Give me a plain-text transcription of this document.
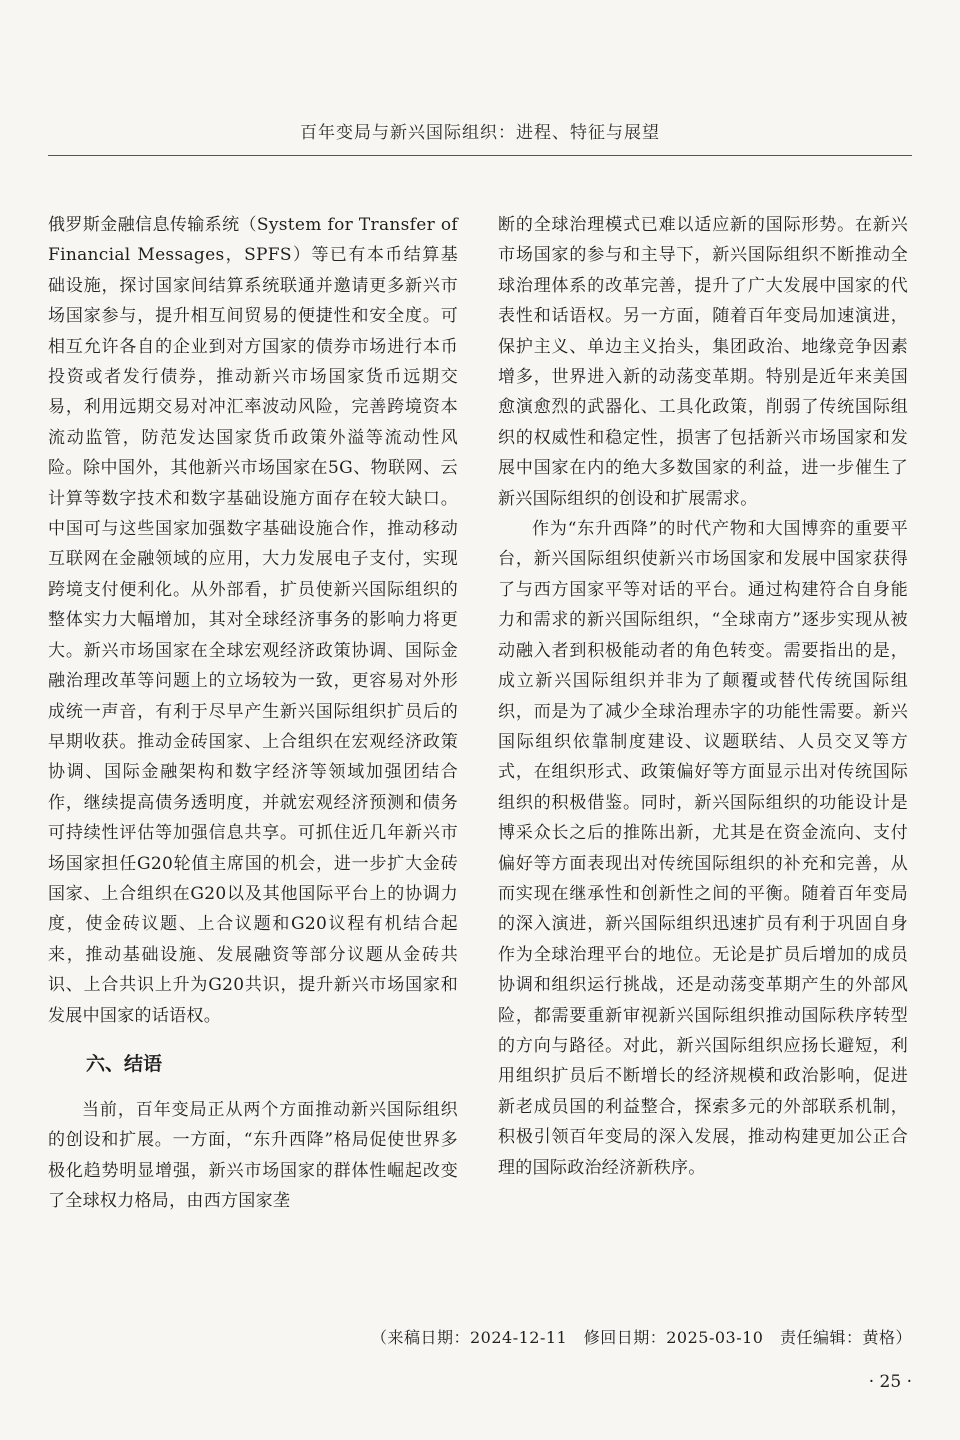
百年变局与新兴国际组织：进程、特征与展望

俄罗斯金融信息传输系统（System for Transfer of Financial Messages，SPFS）等已有本币结算基础设施，探讨国家间结算系统联通并邀请更多新兴市场国家参与，提升相互间贸易的便捷性和安全度。可相互允许各自的企业到对方国家的债券市场进行本币投资或者发行债券，推动新兴市场国家货币远期交易，利用远期交易对冲汇率波动风险，完善跨境资本流动监管，防范发达国家货币政策外溢等流动性风险。除中国外，其他新兴市场国家在5G、物联网、云计算等数字技术和数字基础设施方面存在较大缺口。中国可与这些国家加强数字基础设施合作，推动移动互联网在金融领域的应用，大力发展电子支付，实现跨境支付便利化。从外部看，扩员使新兴国际组织的整体实力大幅增加，其对全球经济事务的影响力将更大。新兴市场国家在全球宏观经济政策协调、国际金融治理改革等问题上的立场较为一致，更容易对外形成统一声音，有利于尽早产生新兴国际组织扩员后的早期收获。推动金砖国家、上合组织在宏观经济政策协调、国际金融架构和数字经济等领域加强团结合作，继续提高债务透明度，并就宏观经济预测和债务可持续性评估等加强信息共享。可抓住近几年新兴市场国家担任G20轮值主席国的机会，进一步扩大金砖国家、上合组织在G20以及其他国际平台上的协调力度，使金砖议题、上合议题和G20议程有机结合起来，推动基础设施、发展融资等部分议题从金砖共识、上合共识上升为G20共识，提升新兴市场国家和发展中国家的话语权。

六、结语

当前，百年变局正从两个方面推动新兴国际组织的创设和扩展。一方面，“东升西降”格局促使世界多极化趋势明显增强，新兴市场国家的群体性崛起改变了全球权力格局，由西方国家垄

断的全球治理模式已难以适应新的国际形势。在新兴市场国家的参与和主导下，新兴国际组织不断推动全球治理体系的改革完善，提升了广大发展中国家的代表性和话语权。另一方面，随着百年变局加速演进，保护主义、单边主义抬头，集团政治、地缘竞争因素增多，世界进入新的动荡变革期。特别是近年来美国愈演愈烈的武器化、工具化政策，削弱了传统国际组织的权威性和稳定性，损害了包括新兴市场国家和发展中国家在内的绝大多数国家的利益，进一步催生了新兴国际组织的创设和扩展需求。

作为“东升西降”的时代产物和大国博弈的重要平台，新兴国际组织使新兴市场国家和发展中国家获得了与西方国家平等对话的平台。通过构建符合自身能力和需求的新兴国际组织，“全球南方”逐步实现从被动融入者到积极能动者的角色转变。需要指出的是，成立新兴国际组织并非为了颠覆或替代传统国际组织，而是为了减少全球治理赤字的功能性需要。新兴国际组织依靠制度建设、议题联结、人员交叉等方式，在组织形式、政策偏好等方面显示出对传统国际组织的积极借鉴。同时，新兴国际组织的功能设计是博采众长之后的推陈出新，尤其是在资金流向、支付偏好等方面表现出对传统国际组织的补充和完善，从而实现在继承性和创新性之间的平衡。随着百年变局的深入演进，新兴国际组织迅速扩员有利于巩固自身作为全球治理平台的地位。无论是扩员后增加的成员协调和组织运行挑战，还是动荡变革期产生的外部风险，都需要重新审视新兴国际组织推动国际秩序转型的方向与路径。对此，新兴国际组织应扬长避短，利用组织扩员后不断增长的经济规模和政治影响，促进新老成员国的利益整合，探索多元的外部联系机制，积极引领百年变局的深入发展，推动构建更加公正合理的国际政治经济新秩序。

（来稿日期：2024-12-11　修回日期：2025-03-10　责任编辑：黄格）
· 25 ·
